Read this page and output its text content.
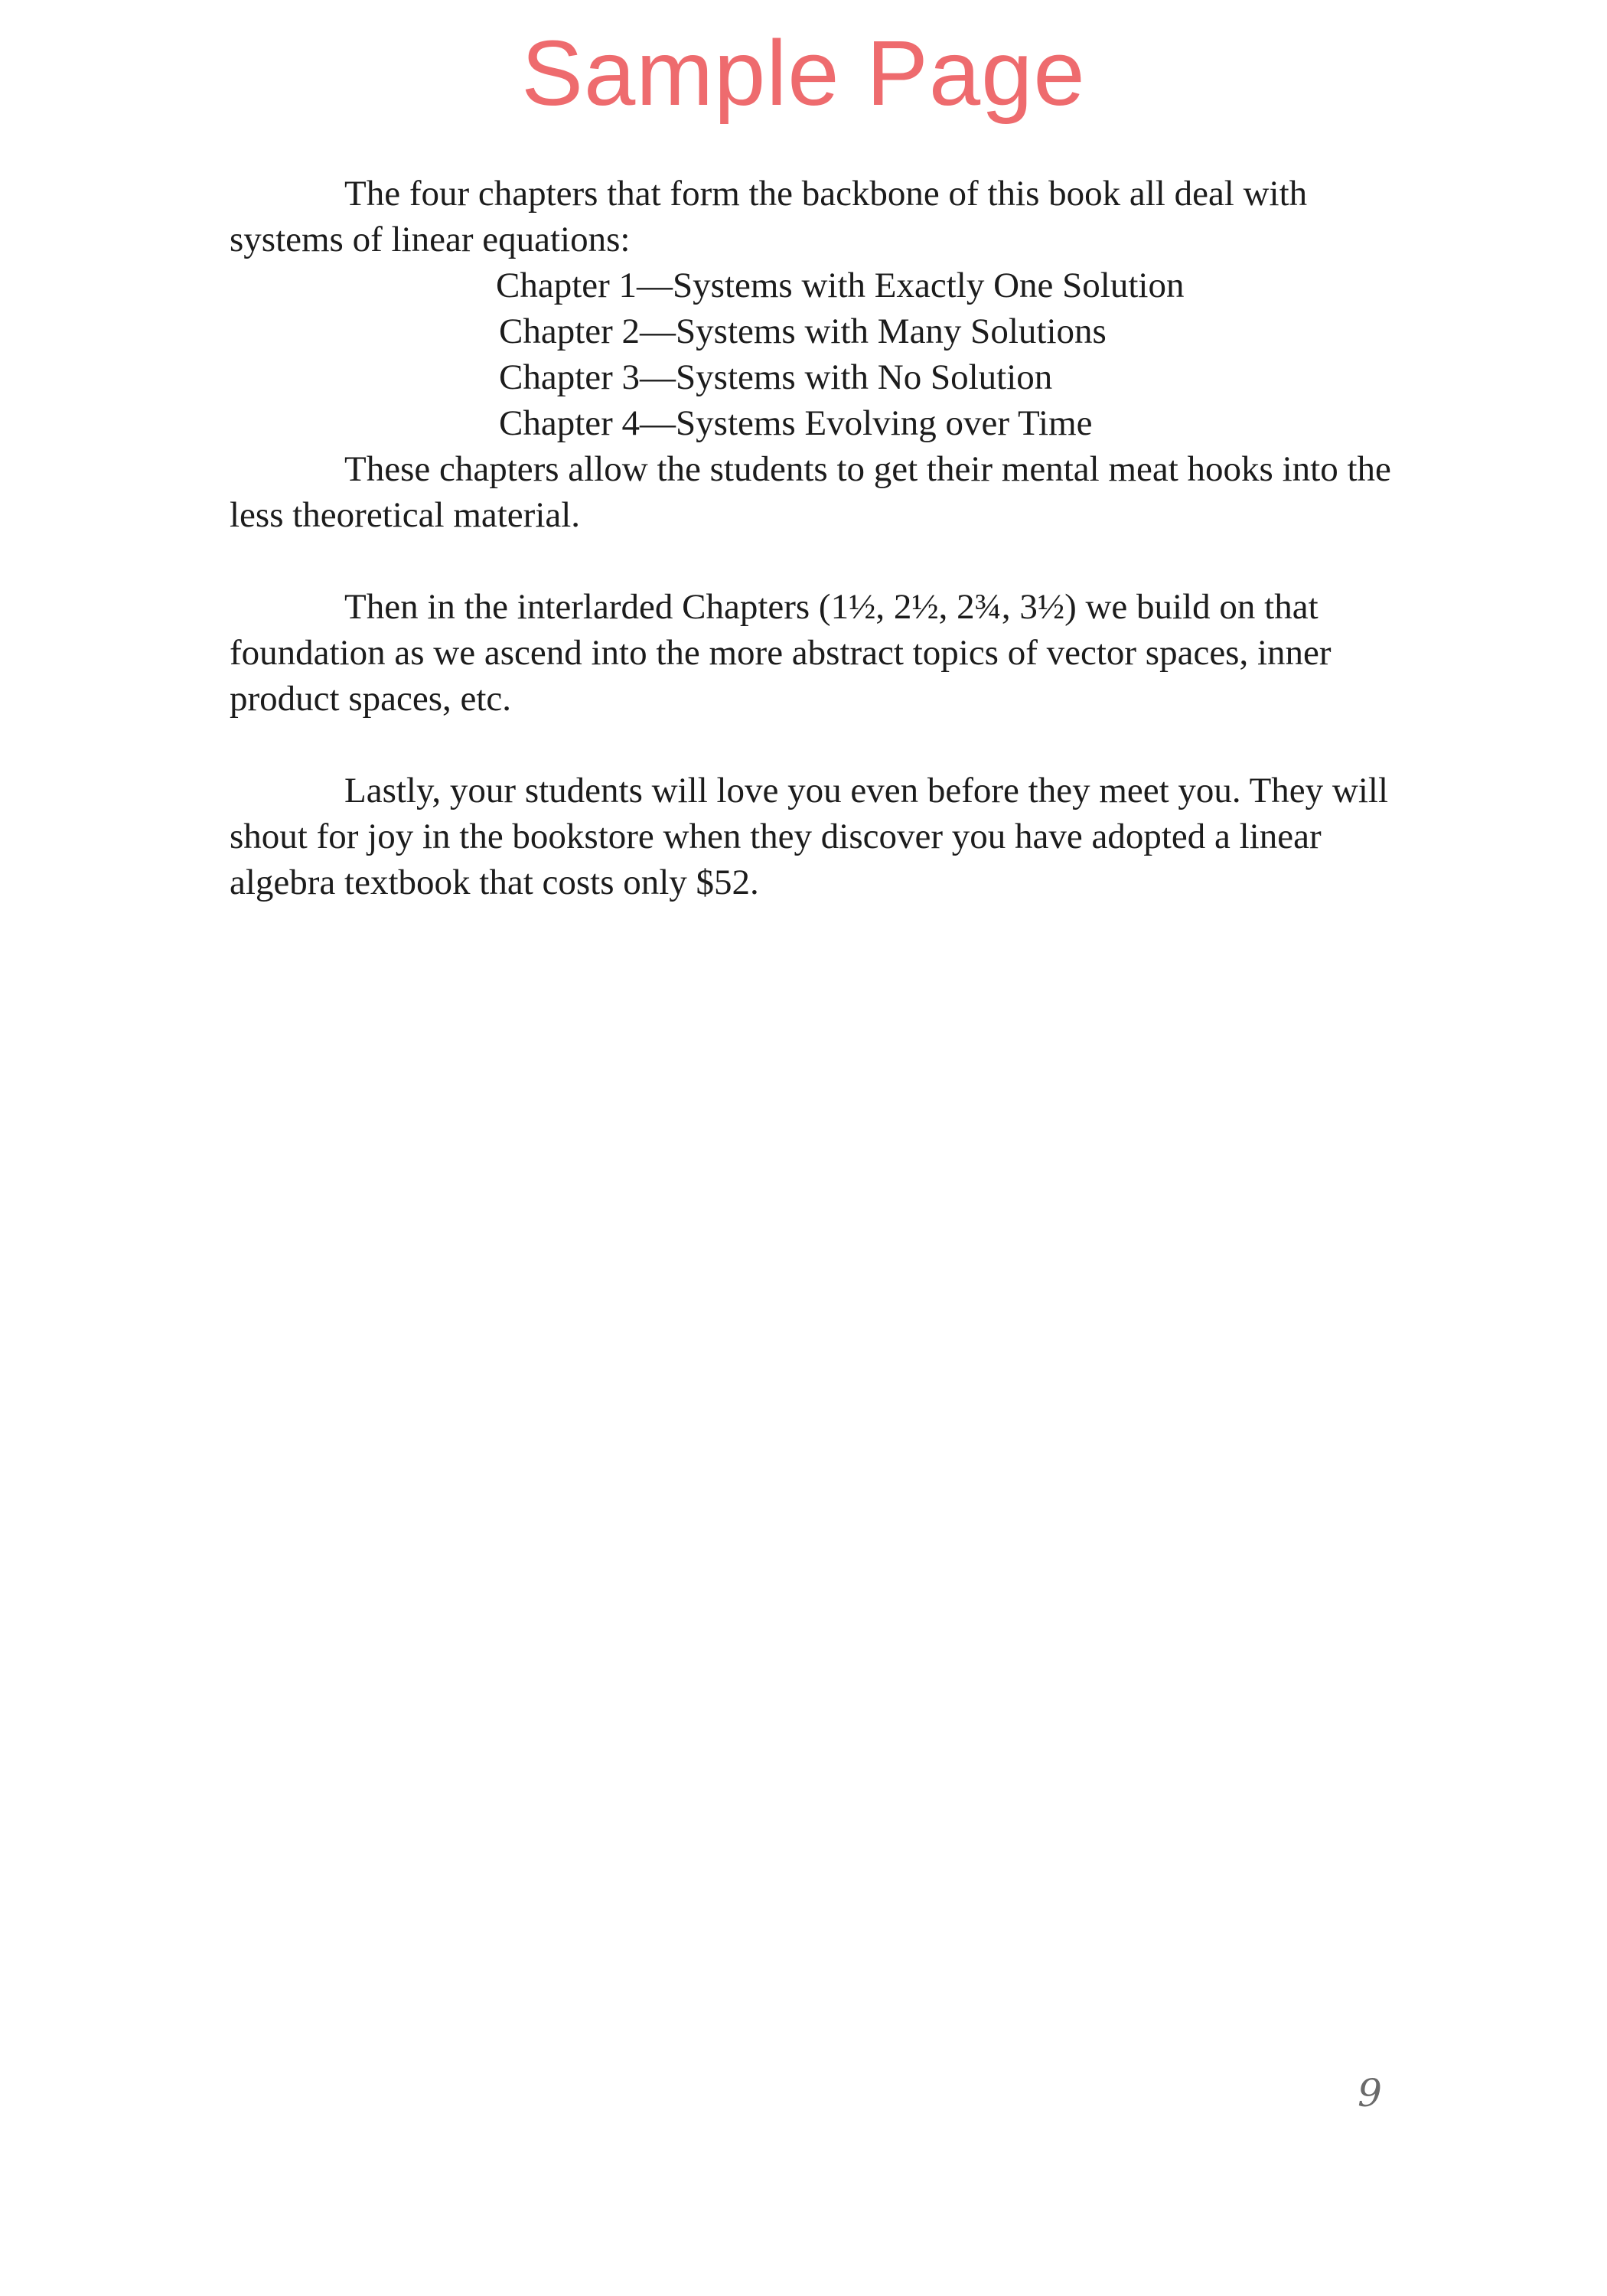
Sample Page

The four chapters that form the backbone of this book all deal with systems of linear equations:

Chapter 1—Systems with Exactly One Solution
Chapter 2—Systems with Many Solutions
Chapter 3—Systems with No Solution
Chapter 4—Systems Evolving over Time

These chapters allow the students to get their mental meat hooks into the less theoretical material.

Then in the interlarded Chapters (1½, 2½, 2¾, 3½) we build on that foundation as we ascend into the more abstract topics of vector spaces, inner product spaces, etc.

Lastly, your students will love you even before they meet you. They will shout for joy in the bookstore when they discover you have adopted a linear algebra textbook that costs only $52.

9
